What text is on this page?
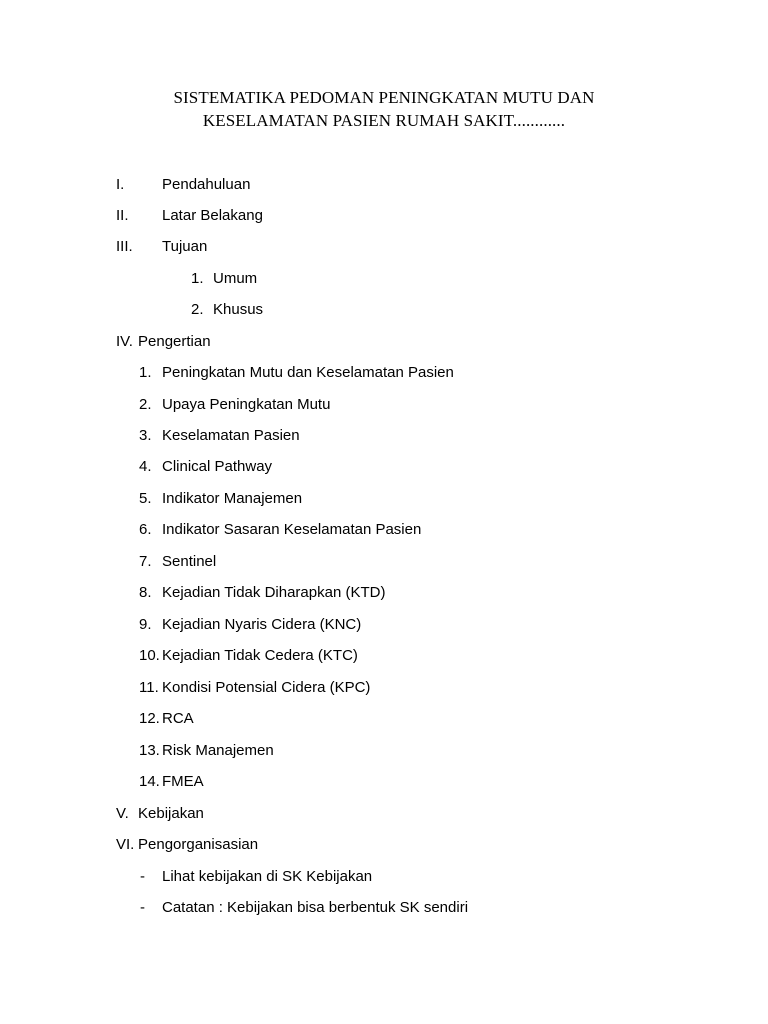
SISTEMATIKA PEDOMAN PENINGKATAN MUTU DAN
KESELAMATAN PASIEN RUMAH SAKIT............
I.	Pendahuluan
II. Latar Belakang
III. Tujuan
1. Umum
2. Khusus
IV. Pengertian
1. Peningkatan Mutu dan Keselamatan Pasien
2. Upaya Peningkatan Mutu
3. Keselamatan Pasien
4. Clinical Pathway
5. Indikator Manajemen
6. Indikator Sasaran Keselamatan Pasien
7. Sentinel
8. Kejadian Tidak Diharapkan (KTD)
9. Kejadian Nyaris Cidera (KNC)
10. Kejadian Tidak Cedera (KTC)
11. Kondisi Potensial Cidera (KPC)
12. RCA
13. Risk Manajemen
14. FMEA
V. Kebijakan
VI. Pengorganisasian
- Lihat kebijakan di SK Kebijakan
- Catatan : Kebijakan bisa berbentuk SK sendiri
